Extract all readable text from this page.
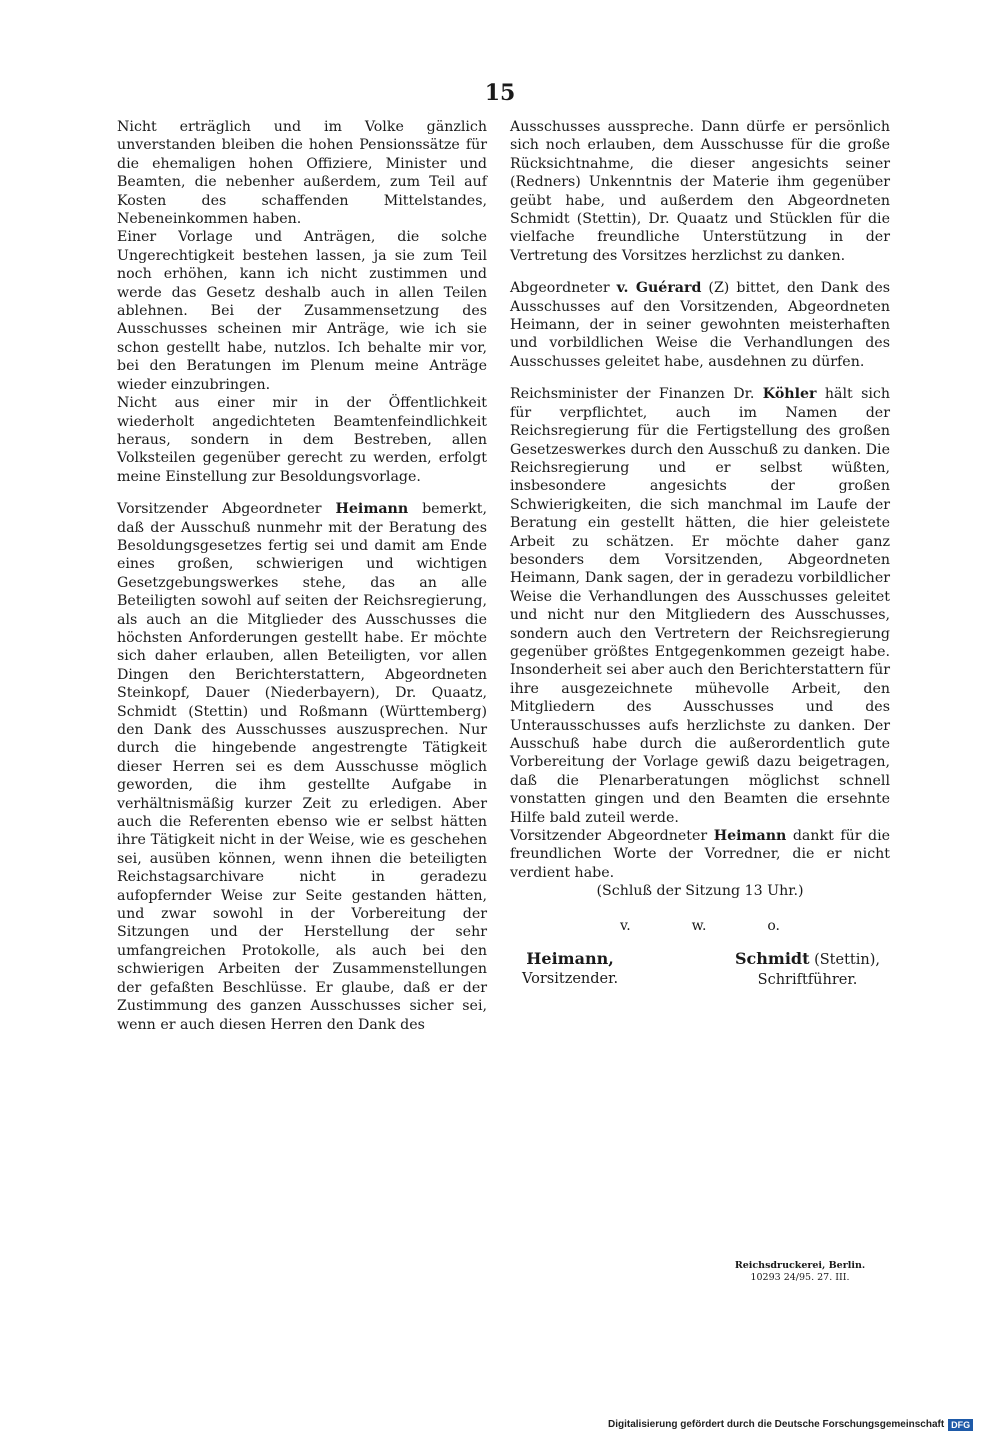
15

Nicht erträglich und im Volke gänzlich unverstanden bleiben die hohen Pensionssätze für die ehemaligen hohen Offiziere, Minister und Beamten, die nebenher außerdem, zum Teil auf Kosten des schaffenden Mittelstandes, Nebeneinkommen haben.

Einer Vorlage und Anträgen, die solche Ungerechtigkeit bestehen lassen, ja sie zum Teil noch erhöhen, kann ich nicht zustimmen und werde das Gesetz deshalb auch in allen Teilen ablehnen. Bei der Zusammensetzung des Ausschusses scheinen mir Anträge, wie ich sie schon gestellt habe, nutzlos. Ich behalte mir vor, bei den Beratungen im Plenum meine Anträge wieder einzubringen.

Nicht aus einer mir in der Öffentlichkeit wiederholt angedichteten Beamtenfeindlichkeit heraus, sondern in dem Bestreben, allen Volksteilen gegenüber gerecht zu werden, erfolgt meine Einstellung zur Besoldungsvorlage.

Vorsitzender Abgeordneter Heimann bemerkt, daß der Ausschuß nunmehr mit der Beratung des Besoldungsgesetzes fertig sei und damit am Ende eines großen, schwierigen und wichtigen Gesetzgebungswerkes stehe, das an alle Beteiligten sowohl auf seiten der Reichsregierung, als auch an die Mitglieder des Ausschusses die höchsten Anforderungen gestellt habe. Er möchte sich daher erlauben, allen Beteiligten, vor allen Dingen den Berichterstattern, Abgeordneten Steinkopf, Dauer (Niederbayern), Dr. Quaatz, Schmidt (Stettin) und Roßmann (Württemberg) den Dank des Ausschusses auszusprechen. Nur durch die hingebende angestrengte Tätigkeit dieser Herren sei es dem Ausschusse möglich geworden, die ihm gestellte Aufgabe in verhältnismäßig kurzer Zeit zu erledigen. Aber auch die Referenten ebenso wie er selbst hätten ihre Tätigkeit nicht in der Weise, wie es geschehen sei, ausüben können, wenn ihnen die beteiligten Reichstagsarchivare nicht in geradezu aufopfernder Weise zur Seite gestanden hätten, und zwar sowohl in der Vorbereitung der Sitzungen und der Herstellung der sehr umfangreichen Protokolle, als auch bei den schwierigen Arbeiten der Zusammenstellungen der gefaßten Beschlüsse. Er glaube, daß er der Zustimmung des ganzen Ausschusses sicher sei, wenn er auch diesen Herren den Dank des

Ausschusses ausspreche. Dann dürfe er persönlich sich noch erlauben, dem Ausschusse für die große Rücksichtnahme, die dieser angesichts seiner (Redners) Unkenntnis der Materie ihm gegenüber geübt habe, und außerdem den Abgeordneten Schmidt (Stettin), Dr. Quaatz und Stücklen für die vielfache freundliche Unterstützung in der Vertretung des Vorsitzes herzlichst zu danken.

Abgeordneter v. Guérard (Z) bittet, den Dank des Ausschusses auf den Vorsitzenden, Abgeordneten Heimann, der in seiner gewohnten meisterhaften und vorbildlichen Weise die Verhandlungen des Ausschusses geleitet habe, ausdehnen zu dürfen.

Reichsminister der Finanzen Dr. Köhler hält sich für verpflichtet, auch im Namen der Reichsregierung für die Fertigstellung des großen Gesetzeswerkes durch den Ausschuß zu danken. Die Reichsregierung und er selbst wüßten, insbesondere angesichts der großen Schwierigkeiten, die sich manchmal im Laufe der Beratung ein gestellt hätten, die hier geleistete Arbeit zu schätzen. Er möchte daher ganz besonders dem Vorsitzenden, Abgeordneten Heimann, Dank sagen, der in geradezu vorbildlicher Weise die Verhandlungen des Ausschusses geleitet und nicht nur den Mitgliedern des Ausschusses, sondern auch den Vertretern der Reichsregierung gegenüber größtes Entgegenkommen gezeigt habe. Insonderheit sei aber auch den Berichterstattern für ihre ausgezeichnete mühevolle Arbeit, den Mitgliedern des Ausschusses und des Unterausschusses aufs herzlichste zu danken. Der Ausschuß habe durch die außerordentlich gute Vorbereitung der Vorlage gewiß dazu beigetragen, daß die Plenarberatungen möglichst schnell vonstatten gingen und den Beamten die ersehnte Hilfe bald zuteil werde.

Vorsitzender Abgeordneter Heimann dankt für die freundlichen Worte der Vorredner, die er nicht verdient habe.

(Schluß der Sitzung 13 Uhr.)

v.	w.	o.
Heimann,
Vorsitzender.
Schmidt (Stettin),
Schriftführer.
Reichsdruckerei, Berlin.
10293 24/95. 27. III.
Digitalisierung gefördert durch die Deutsche Forschungsgemeinschaft DFG
